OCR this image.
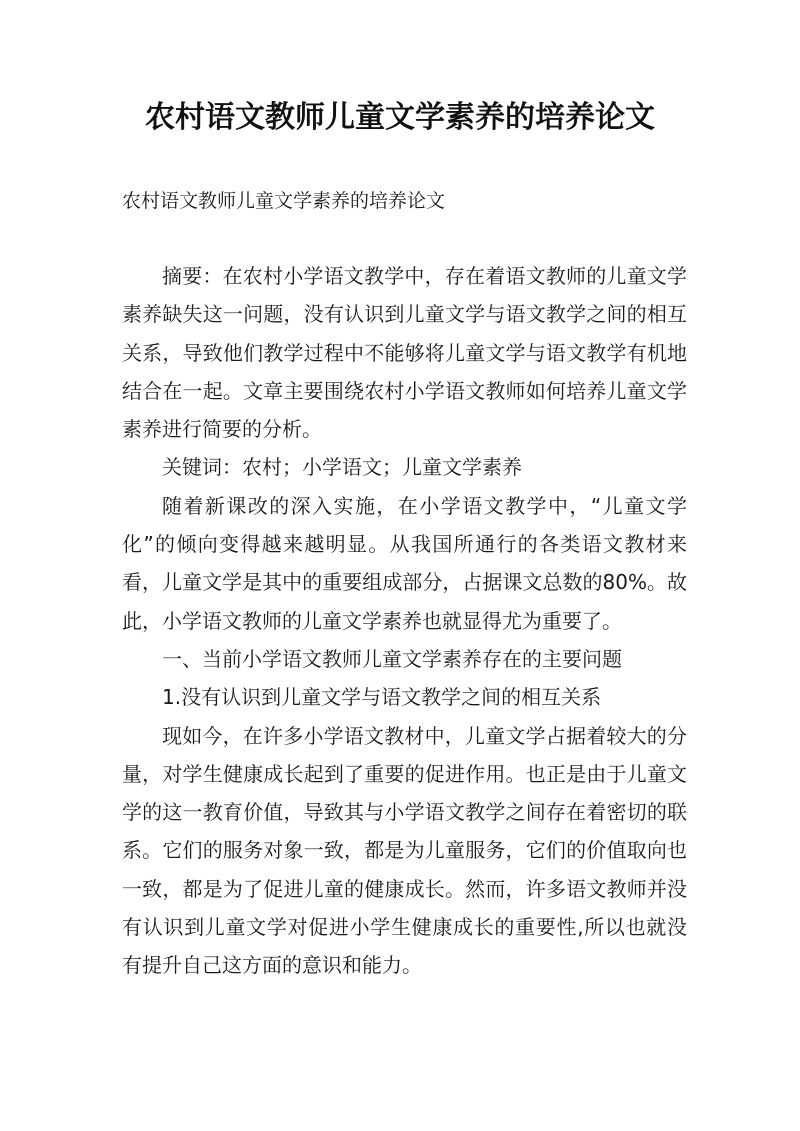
农村语文教师儿童文学素养的培养论文

农村语文教师儿童文学素养的培养论文

摘要：在农村小学语文教学中，存在着语文教师的儿童文学素养缺失这一问题，没有认识到儿童文学与语文教学之间的相互关系，导致他们教学过程中不能够将儿童文学与语文教学有机地结合在一起。文章主要围绕农村小学语文教师如何培养儿童文学素养进行简要的分析。

关键词：农村；小学语文；儿童文学素养

随着新课改的深入实施，在小学语文教学中，“儿童文学化”的倾向变得越来越明显。从我国所通行的各类语文教材来看，儿童文学是其中的重要组成部分，占据课文总数的80%。故此，小学语文教师的儿童文学素养也就显得尤为重要了。

一、当前小学语文教师儿童文学素养存在的主要问题

1.没有认识到儿童文学与语文教学之间的相互关系

现如今，在许多小学语文教材中，儿童文学占据着较大的分量，对学生健康成长起到了重要的促进作用。也正是由于儿童文学的这一教育价值，导致其与小学语文教学之间存在着密切的联系。它们的服务对象一致，都是为儿童服务，它们的价值取向也一致，都是为了促进儿童的健康成长。然而，许多语文教师并没有认识到儿童文学对促进小学生健康成长的重要性,所以也就没有提升自己这方面的意识和能力。
